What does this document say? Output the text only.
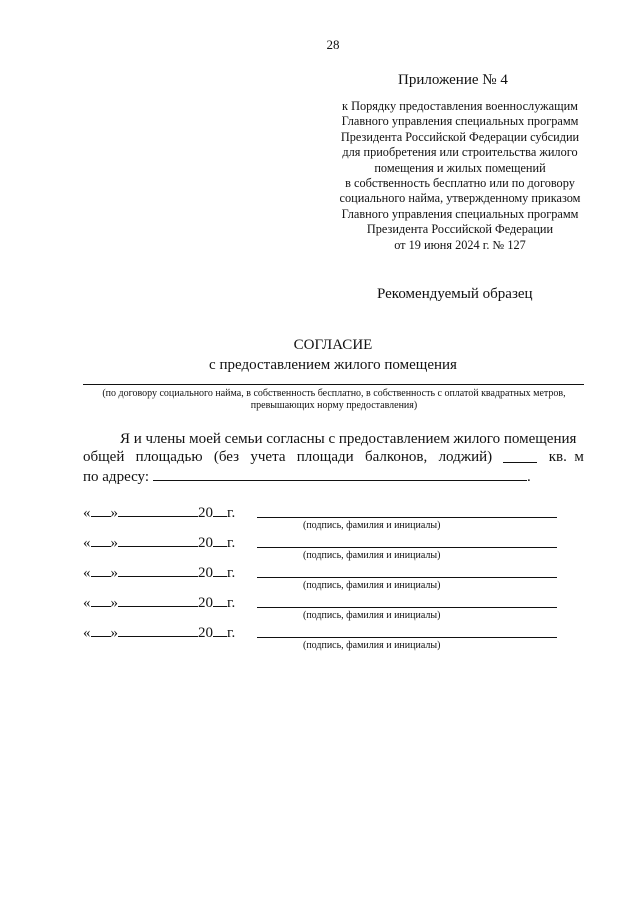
28
Приложение № 4
к Порядку предоставления военнослужащим
Главного управления специальных программ
Президента Российской Федерации субсидии
для приобретения или строительства жилого
помещения и жилых помещений
в собственность бесплатно или по договору
социального найма, утвержденному приказом
Главного управления специальных программ
Президента Российской Федерации
от 19 июня 2024 г. № 127
Рекомендуемый образец
СОГЛАСИЕ
с предоставлением жилого помещения
(по договору социального найма, в собственность бесплатно, в собственность с оплатой квадратных метров,
превышающих норму предоставления)
Я и члены моей семьи согласны с предоставлением жилого помещения
общей площадью (без учета площади балконов, лоджий)	кв.  м
по адресу:	.
« »	20 г.
(подпись, фамилия и инициалы)
« »	20 г.
(подпись, фамилия и инициалы)
« »	20 г.
(подпись, фамилия и инициалы)
« »	20 г.
(подпись, фамилия и инициалы)
« »	20 г.
(подпись, фамилия и инициалы)
